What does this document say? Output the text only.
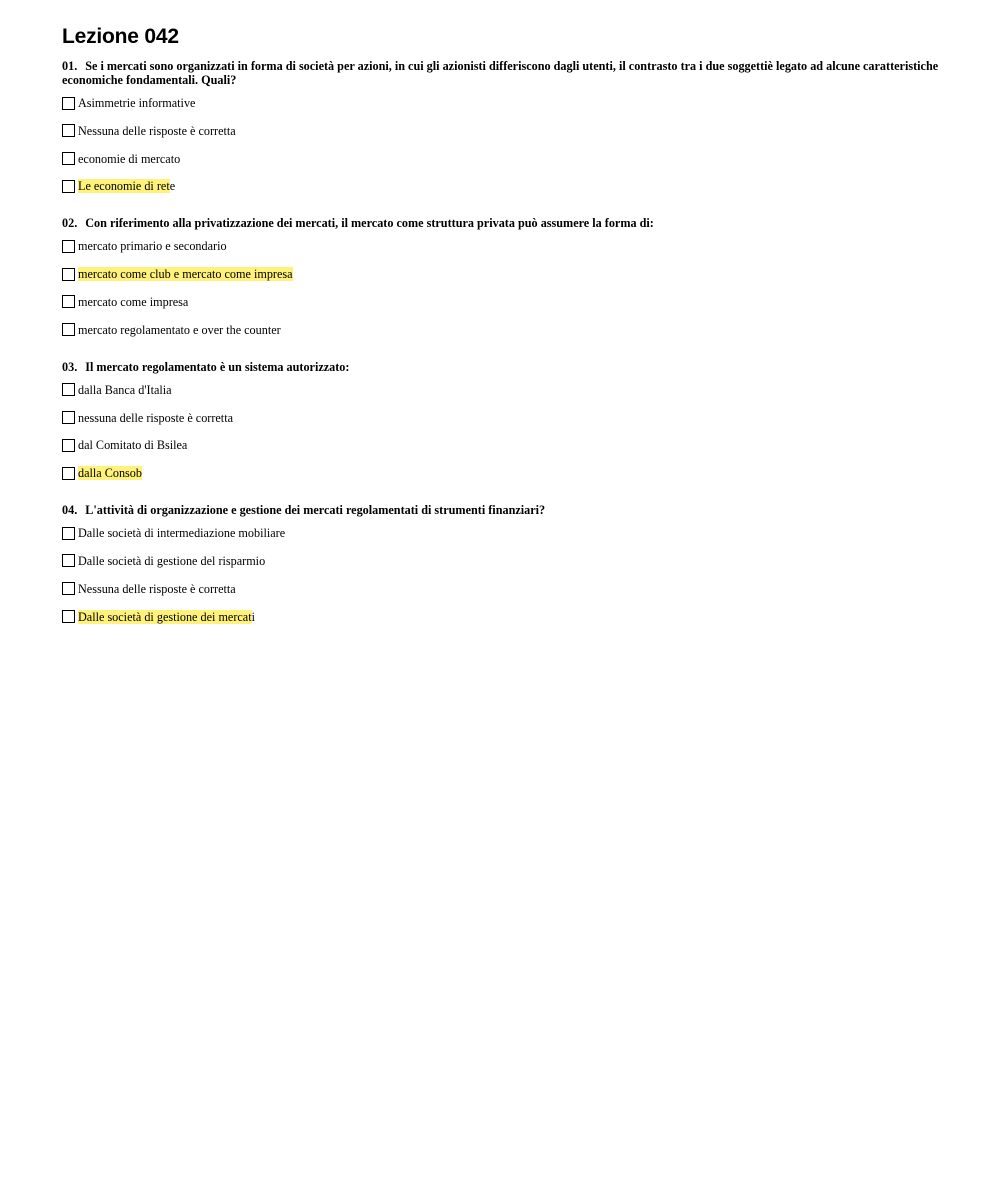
Lezione 042

01. Se i mercati sono organizzati in forma di società per azioni, in cui gli azionisti differiscono dagli utenti, il contrasto tra i due soggettiè legato ad alcune caratteristiche economiche fondamentali. Quali?

Asimmetrie informative
Nessuna delle risposte è corretta
economie di mercato
Le economie di rete

02. Con riferimento alla privatizzazione dei mercati, il mercato come struttura privata può assumere la forma di:

mercato primario e secondario
mercato come club e mercato come impresa
mercato come impresa
mercato regolamentato e over the counter

03. Il mercato regolamentato è un sistema autorizzato:

dalla Banca d'Italia
nessuna delle risposte è corretta
dal Comitato di Bsilea
dalla Consob

04. L'attività di organizzazione e gestione dei mercati regolamentati di strumenti finanziari?

Dalle società di intermediazione mobiliare
Dalle società di gestione del risparmio
Nessuna delle risposte è corretta
Dalle società di gestione dei mercati
